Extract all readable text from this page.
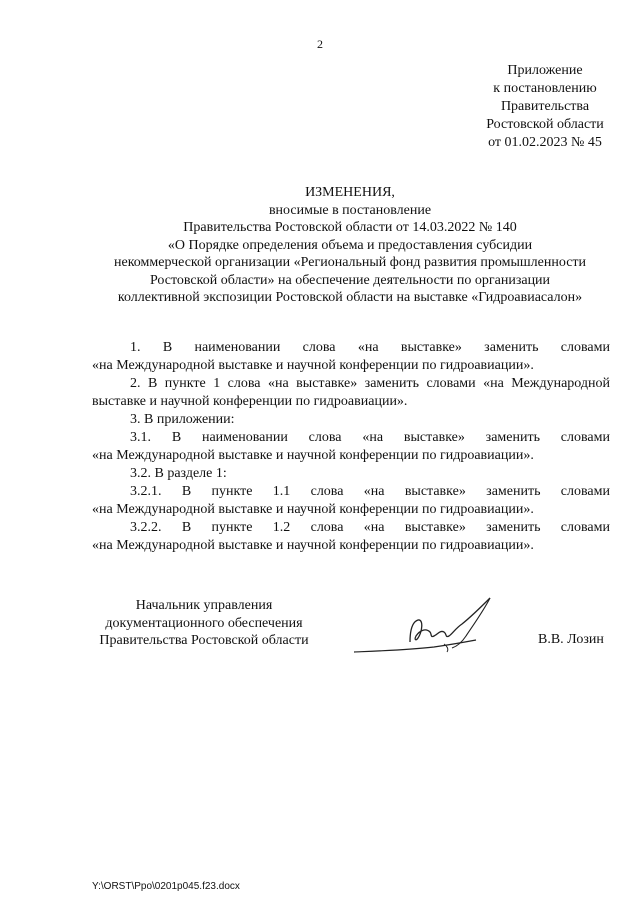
2
Приложение
к постановлению
Правительства
Ростовской области
от 01.02.2023 № 45
ИЗМЕНЕНИЯ,
вносимые в постановление
Правительства Ростовской области от 14.03.2022 № 140
«О Порядке определения объема и предоставления субсидии
некоммерческой организации «Региональный фонд развития промышленности
Ростовской области» на обеспечение деятельности по организации
коллективной экспозиции Ростовской области на выставке «Гидроавиасалон»
1. В наименовании слова «на выставке» заменить словами
«на Международной выставке и научной конференции по гидроавиации».
2. В пункте 1 слова «на выставке» заменить словами «на Международной
выставке и научной конференции по гидроавиации».
3. В приложении:
3.1. В наименовании слова «на выставке» заменить словами
«на Международной выставке и научной конференции по гидроавиации».
3.2. В разделе 1:
3.2.1. В пункте 1.1 слова «на выставке» заменить словами
«на Международной выставке и научной конференции по гидроавиации».
3.2.2. В пункте 1.2 слова «на выставке» заменить словами
«на Международной выставке и научной конференции по гидроавиации».
Начальник управления
документационного обеспечения
Правительства Ростовской области	В.В. Лозин
Y:\ORST\Ppo\0201p045.f23.docx
